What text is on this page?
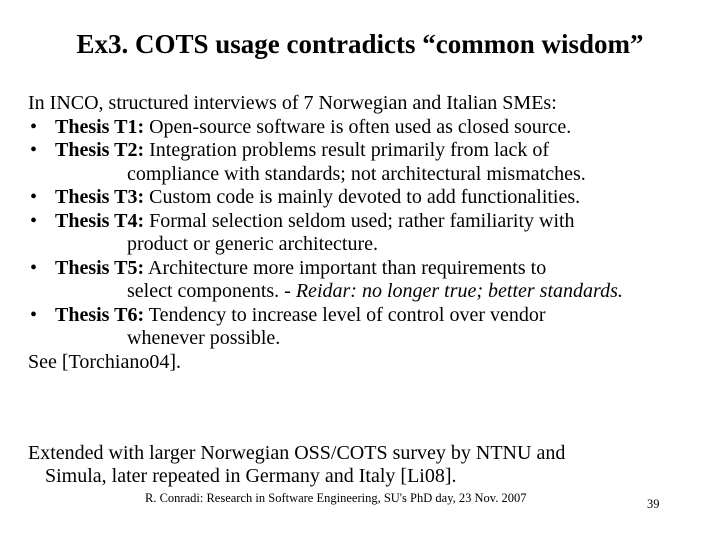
Ex3. COTS usage contradicts “common wisdom”
In INCO, structured interviews of 7 Norwegian and Italian SMEs:
• Thesis T1: Open-source software is often used as closed source.
• Thesis T2: Integration problems result primarily from lack of
compliance with standards; not architectural mismatches.
• Thesis T3: Custom code is mainly devoted to add functionalities.
• Thesis T4: Formal selection seldom used; rather familiarity with
product or generic architecture.
• Thesis T5: Architecture more important than requirements to
select components. - Reidar: no longer true; better standards.
• Thesis T6: Tendency to increase level of control over vendor
whenever possible.
See [Torchiano04].
Extended with larger Norwegian OSS/COTS survey by NTNU and
Simula, later repeated in Germany and Italy [Li08].
R. Conradi: Research in Software Engineering, SU's PhD day, 23 Nov. 2007	39
